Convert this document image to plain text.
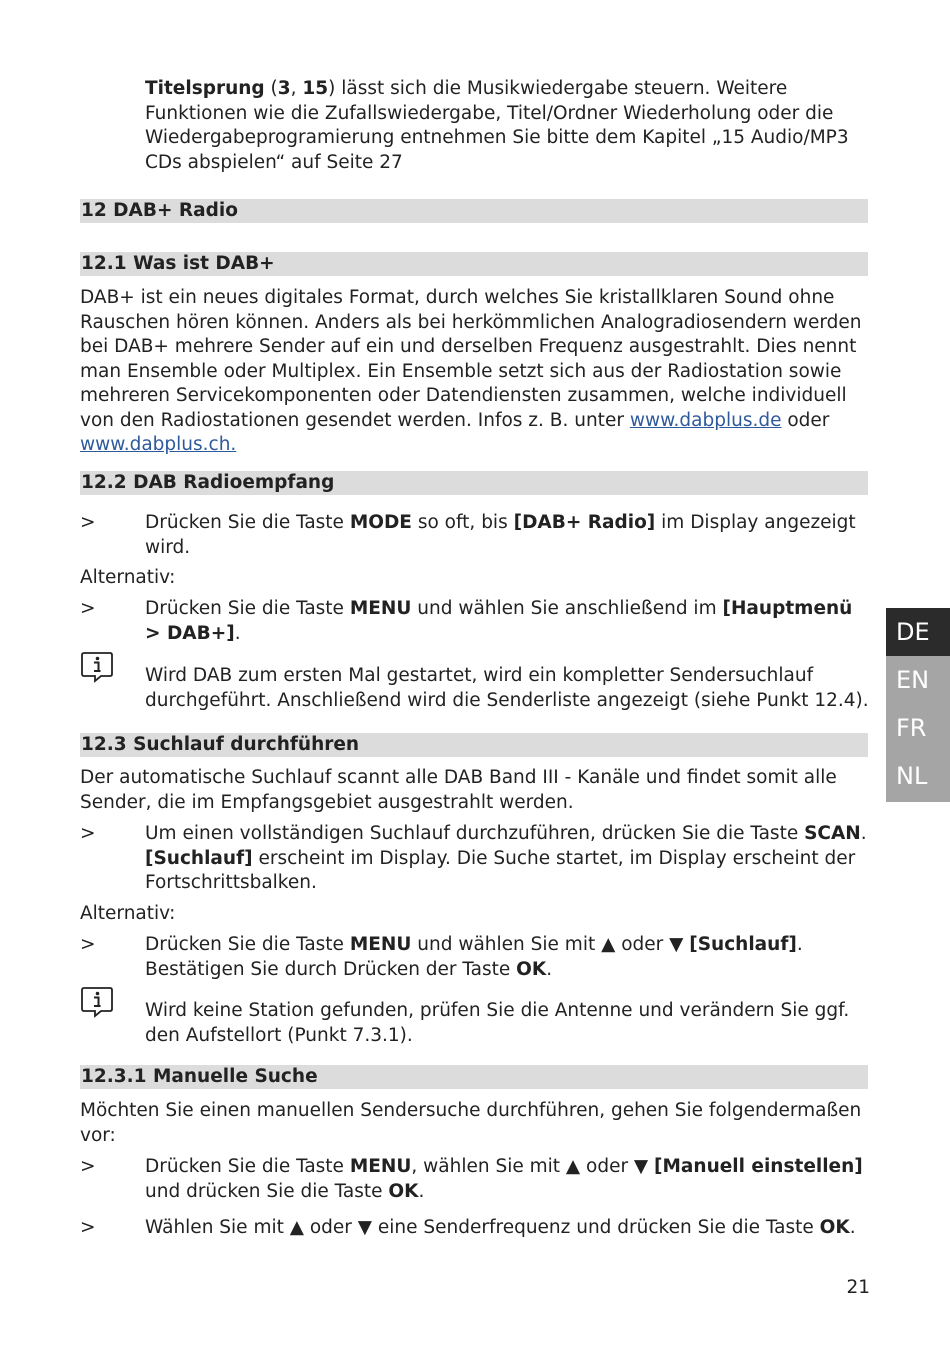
Titelsprung (3, 15) lässt sich die Musikwiedergabe steuern. Weitere Funktionen wie die Zufallswiedergabe, Titel/Ordner Wiederholung oder die Wiedergabeprogramierung entnehmen Sie bitte dem Kapitel „15 Audio/MP3 CDs abspielen“ auf Seite 27
12 DAB+ Radio
12.1 Was ist DAB+
DAB+ ist ein neues digitales Format, durch welches Sie kristallklaren Sound ohne Rauschen hören können. Anders als bei herkömmlichen Analogradiosendern werden bei DAB+ mehrere Sender auf ein und derselben Frequenz ausgestrahlt. Dies nennt man Ensemble oder Multiplex. Ein Ensemble setzt sich aus der Radiostation sowie mehreren Servicekomponenten oder Datendiensten zusammen, welche individuell von den Radiostationen gesendet werden. Infos z. B. unter www.dabplus.de oder www.dabplus.ch.
12.2 DAB Radioempfang
>	Drücken Sie die Taste MODE so oft, bis [DAB+ Radio] im Display angezeigt wird.
Alternativ:
>	Drücken Sie die Taste MENU und wählen Sie anschließend im [Hauptmenü > DAB+].
Wird DAB zum ersten Mal gestartet, wird ein kompletter Sendersuchlauf durchgeführt. Anschließend wird die Senderliste angezeigt (siehe Punkt 12.4).
12.3 Suchlauf durchführen
Der automatische Suchlauf scannt alle DAB Band III - Kanäle und findet somit alle Sender, die im Empfangsgebiet ausgestrahlt werden.
>	Um einen vollständigen Suchlauf durchzuführen, drücken Sie die Taste SCAN. [Suchlauf] erscheint im Display. Die Suche startet, im Display erscheint der Fortschrittsbalken.
Alternativ:
>	Drücken Sie die Taste MENU und wählen Sie mit ▲ oder ▼ [Suchlauf]. Bestätigen Sie durch Drücken der Taste OK.
Wird keine Station gefunden, prüfen Sie die Antenne und verändern Sie ggf. den Aufstellort (Punkt 7.3.1).
12.3.1 Manuelle Suche
Möchten Sie einen manuellen Sendersuche durchführen, gehen Sie folgendermaßen vor:
>	Drücken Sie die Taste MENU, wählen Sie mit ▲ oder ▼ [Manuell einstellen] und drücken Sie die Taste OK.
>	Wählen Sie mit ▲ oder ▼ eine Senderfrequenz und drücken Sie die Taste OK.
DE
EN
FR
NL
21
